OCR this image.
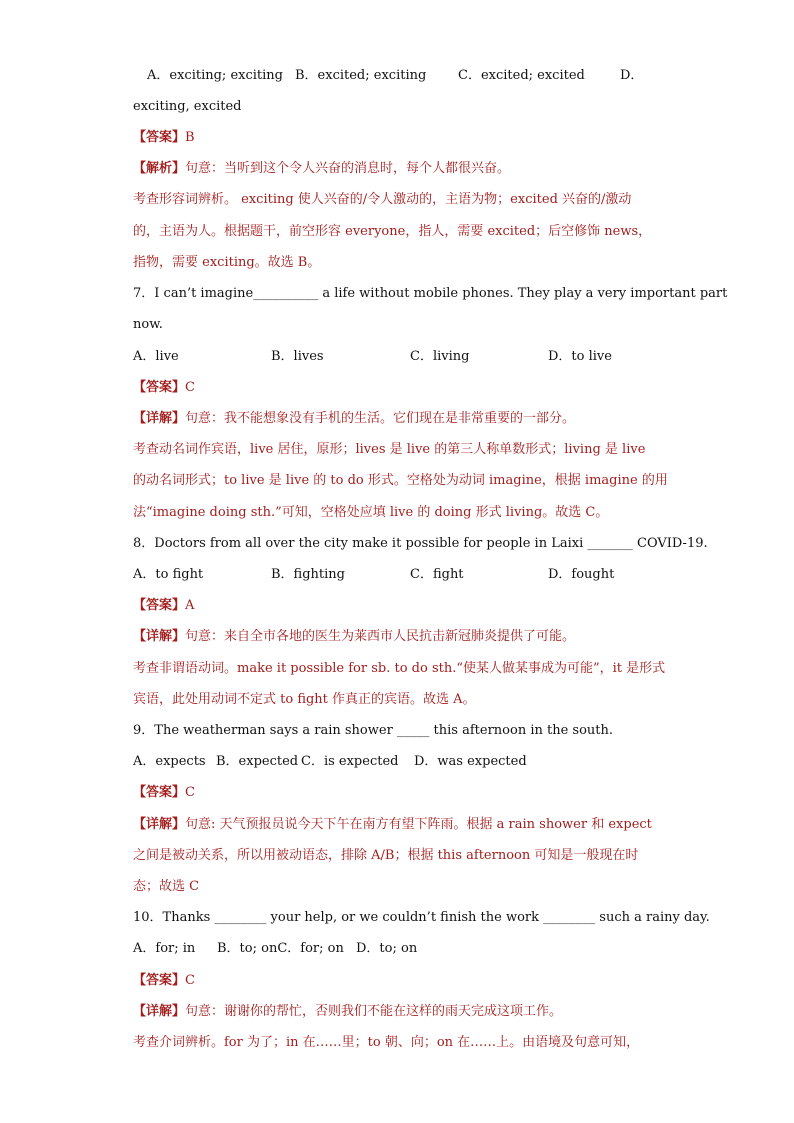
A．exciting; exciting B．excited; exciting C．excited; excited	D．
exciting, excited
【答案】B
【解析】句意：当听到这个令人兴奋的消息时，每个人都很兴奋。
考查形容词辨析。 exciting 使人兴奋的/令人激动的，主语为物；excited 兴奋的/激动
的，主语为人。根据题干，前空形容 everyone，指人，需要 excited；后空修饰 news，
指物，需要 exciting。故选 B。
7．I can’t imagine__________ a life without mobile phones. They play a very important part
now.
A．live	B．lives	C．living	D．to live
【答案】C
【详解】句意：我不能想象没有手机的生活。它们现在是非常重要的一部分。
考查动名词作宾语，live 居住，原形；lives 是 live 的第三人称单数形式；living 是 live
的动名词形式；to live 是 live 的 to do 形式。空格处为动词 imagine，根据 imagine 的用
法“imagine doing sth.”可知，空格处应填 live 的 doing 形式 living。故选 C。
8．Doctors from all over the city make it possible for people in Laixi _______ COVID-19.
A．to fight	B．fighting	C．fight	D．fought
【答案】A
【详解】句意：来自全市各地的医生为莱西市人民抗击新冠肺炎提供了可能。
考查非谓语动词。make it possible for sb. to do sth.“使某人做某事成为可能”，it 是形式
宾语，此处用动词不定式 to fight 作真正的宾语。故选 A。
9．The weatherman says a rain shower _____ this afternoon in the south.
A．expects B．expected C．is expected D．was expected
【答案】C
【详解】句意: 天气预报员说今天下午在南方有望下阵雨。根据 a rain shower 和 expect
之间是被动关系，所以用被动语态，排除 A/B；根据 this afternoon 可知是一般现在时
态；故选 C
10．Thanks ________ your help, or we couldn’t finish the work ________ such a rainy day.
A．for; in B．to; onC．for; on D．to; on
【答案】C
【详解】句意：谢谢你的帮忙，否则我们不能在这样的雨天完成这项工作。
考查介词辨析。for 为了；in 在……里；to 朝、向；on 在……上。由语境及句意可知，
